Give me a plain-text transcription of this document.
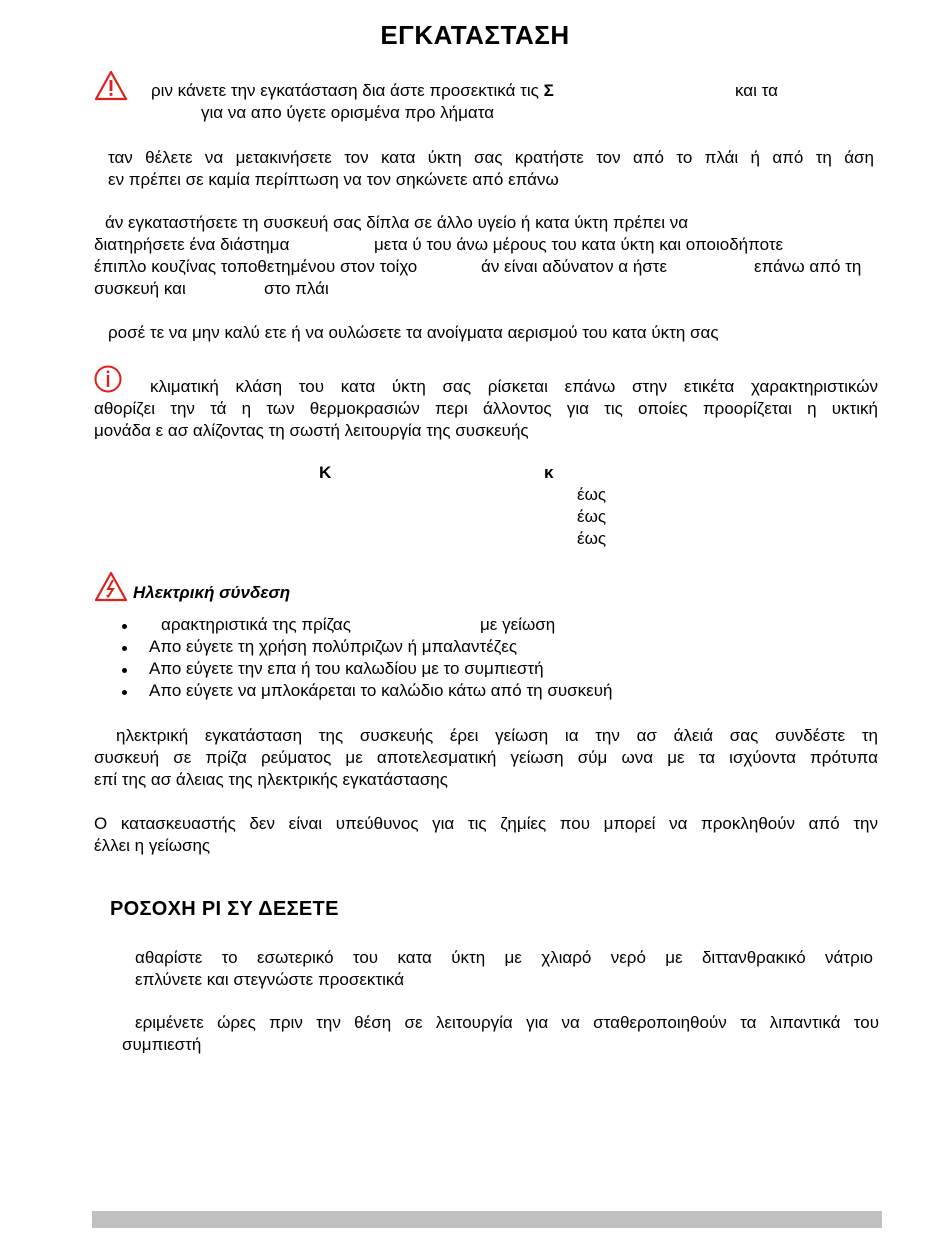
ΕΓΚΑΤΑΣΤΑΣΗ
ριν κάνετε την εγκατάσταση δια άστε προσεκτικά τις Σ	και τα
για να απο ύγετε ορισμένα προ λήματα
ταν θέλετε να μετακινήσετε τον κατα ύκτη σας κρατήστε τον από το πλάι ή από τη άση
εν πρέπει σε καμία περίπτωση να τον σηκώνετε από επάνω
άν εγκαταστήσετε τη συσκευή σας δίπλα σε άλλο υγείο ή κατα ύκτη πρέπει να
διατηρήσετε ένα διάστημα	μετα ύ του άνω μέρους του κατα ύκτη και οποιοδήποτε
έπιπλο κουζίνας τοποθετημένου στον τοίχο	άν είναι αδύνατον α ήστε	επάνω από τη
συσκευή και	στο πλάι
ροσέ τε να μην καλύ ετε ή να ουλώσετε τα ανοίγματα αερισμού του κατα ύκτη σας
κλιματική κλάση του κατα ύκτη σας ρίσκεται επάνω στην ετικέτα χαρακτηριστικών
αθορίζει την τά η των θερμοκρασιών περι άλλοντος για τις οποίες προορίζεται η υκτική
μονάδα ε ασ αλίζοντας τη σωστή λειτουργία της συσκευής
Κ	κ
έως
έως
έως
Ηλεκτρική σύνδεση
αρακτηριστικά της πρίζας	με γείωση
Απο εύγετε τη χρήση πολύπριζων ή μπαλαντέζες
Απο εύγετε την επα ή του καλωδίου με το συμπιεστή
Απο εύγετε να μπλοκάρεται το καλώδιο κάτω από τη συσκευή
ηλεκτρική εγκατάσταση της συσκευής έρει γείωση ια την ασ άλειά σας συνδέστε τη
συσκευή σε πρίζα ρεύματος με αποτελεσματική γείωση σύμ ωνα με τα ισχύοντα πρότυπα
επί της ασ άλειας της ηλεκτρικής εγκατάστασης
Ο κατασκευαστής δεν είναι υπεύθυνος για τις ζημίες που μπορεί να προκληθούν από την
έλλει η γείωσης
ΡΟΣΟΧΗ ΡΙ ΣΥ ΔΕΣΕΤΕ
αθαρίστε το εσωτερικό του κατα ύκτη με χλιαρό νερό με διττανθρακικό νάτριο
επλύνετε και στεγνώστε προσεκτικά
εριμένετε ώρες πριν την θέση σε λειτουργία για να σταθεροποιηθούν τα λιπαντικά του
συμπιεστή
